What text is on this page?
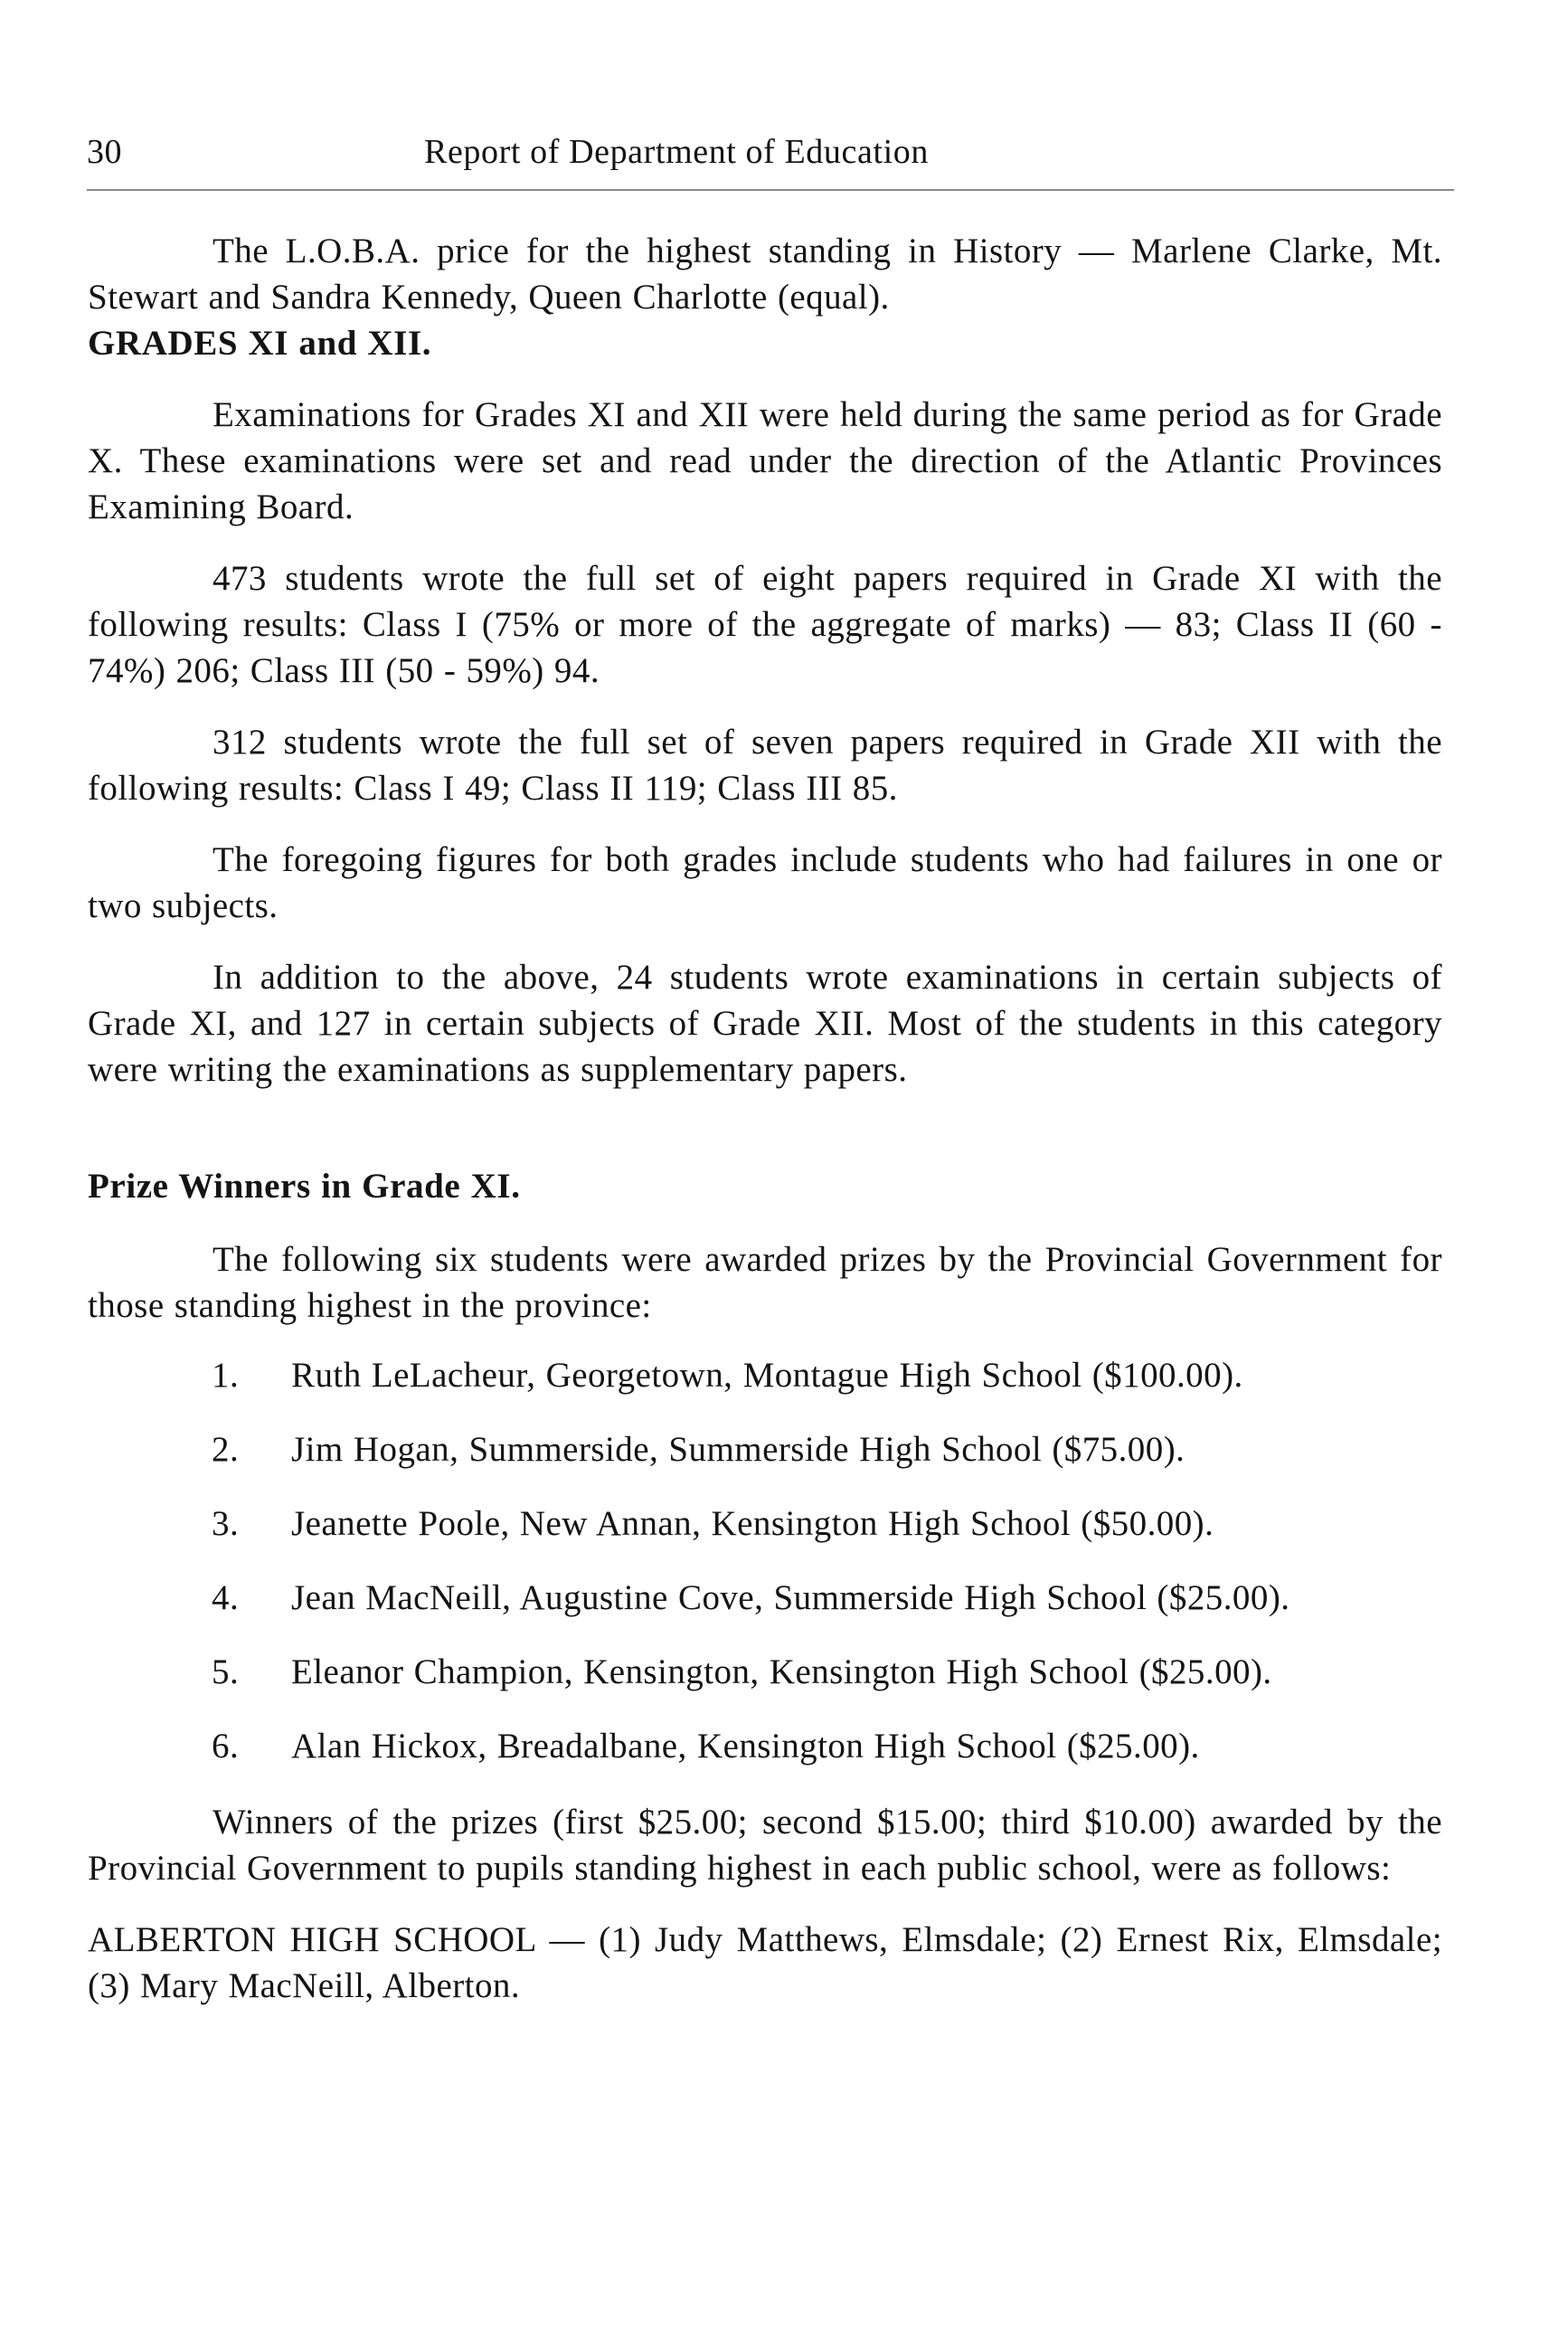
30	Report of Department of Education

The L.O.B.A. price for the highest standing in History — Marlene Clarke, Mt. Stewart and Sandra Kennedy, Queen Charlotte (equal).

GRADES XI and XII.

Examinations for Grades XI and XII were held during the same period as for Grade X. These examinations were set and read under the direction of the Atlantic Provinces Examining Board.

473 students wrote the full set of eight papers required in Grade XI with the following results: Class I (75% or more of the aggregate of marks) — 83; Class II (60 - 74%) 206; Class III (50 - 59%) 94.

312 students wrote the full set of seven papers required in Grade XII with the following results: Class I 49; Class II 119; Class III 85.

The foregoing figures for both grades include students who had failures in one or two subjects.

In addition to the above, 24 students wrote examinations in certain subjects of Grade XI, and 127 in certain subjects of Grade XII. Most of the students in this category were writing the examinations as supplementary papers.

Prize Winners in Grade XI.

The following six students were awarded prizes by the Provincial Government for those standing highest in the province:

1.	Ruth LeLacheur, Georgetown, Montague High School ($100.00).
2.	Jim Hogan, Summerside, Summerside High School ($75.00).
3.	Jeanette Poole, New Annan, Kensington High School ($50.00).
4.	Jean MacNeill, Augustine Cove, Summerside High School ($25.00).
5.	Eleanor Champion, Kensington, Kensington High School ($25.00).
6.	Alan Hickox, Breadalbane, Kensington High School ($25.00).

Winners of the prizes (first $25.00; second $15.00; third $10.00) awarded by the Provincial Government to pupils standing highest in each public school, were as follows:

ALBERTON HIGH SCHOOL — (1) Judy Matthews, Elmsdale; (2) Ernest Rix, Elmsdale; (3) Mary MacNeill, Alberton.
